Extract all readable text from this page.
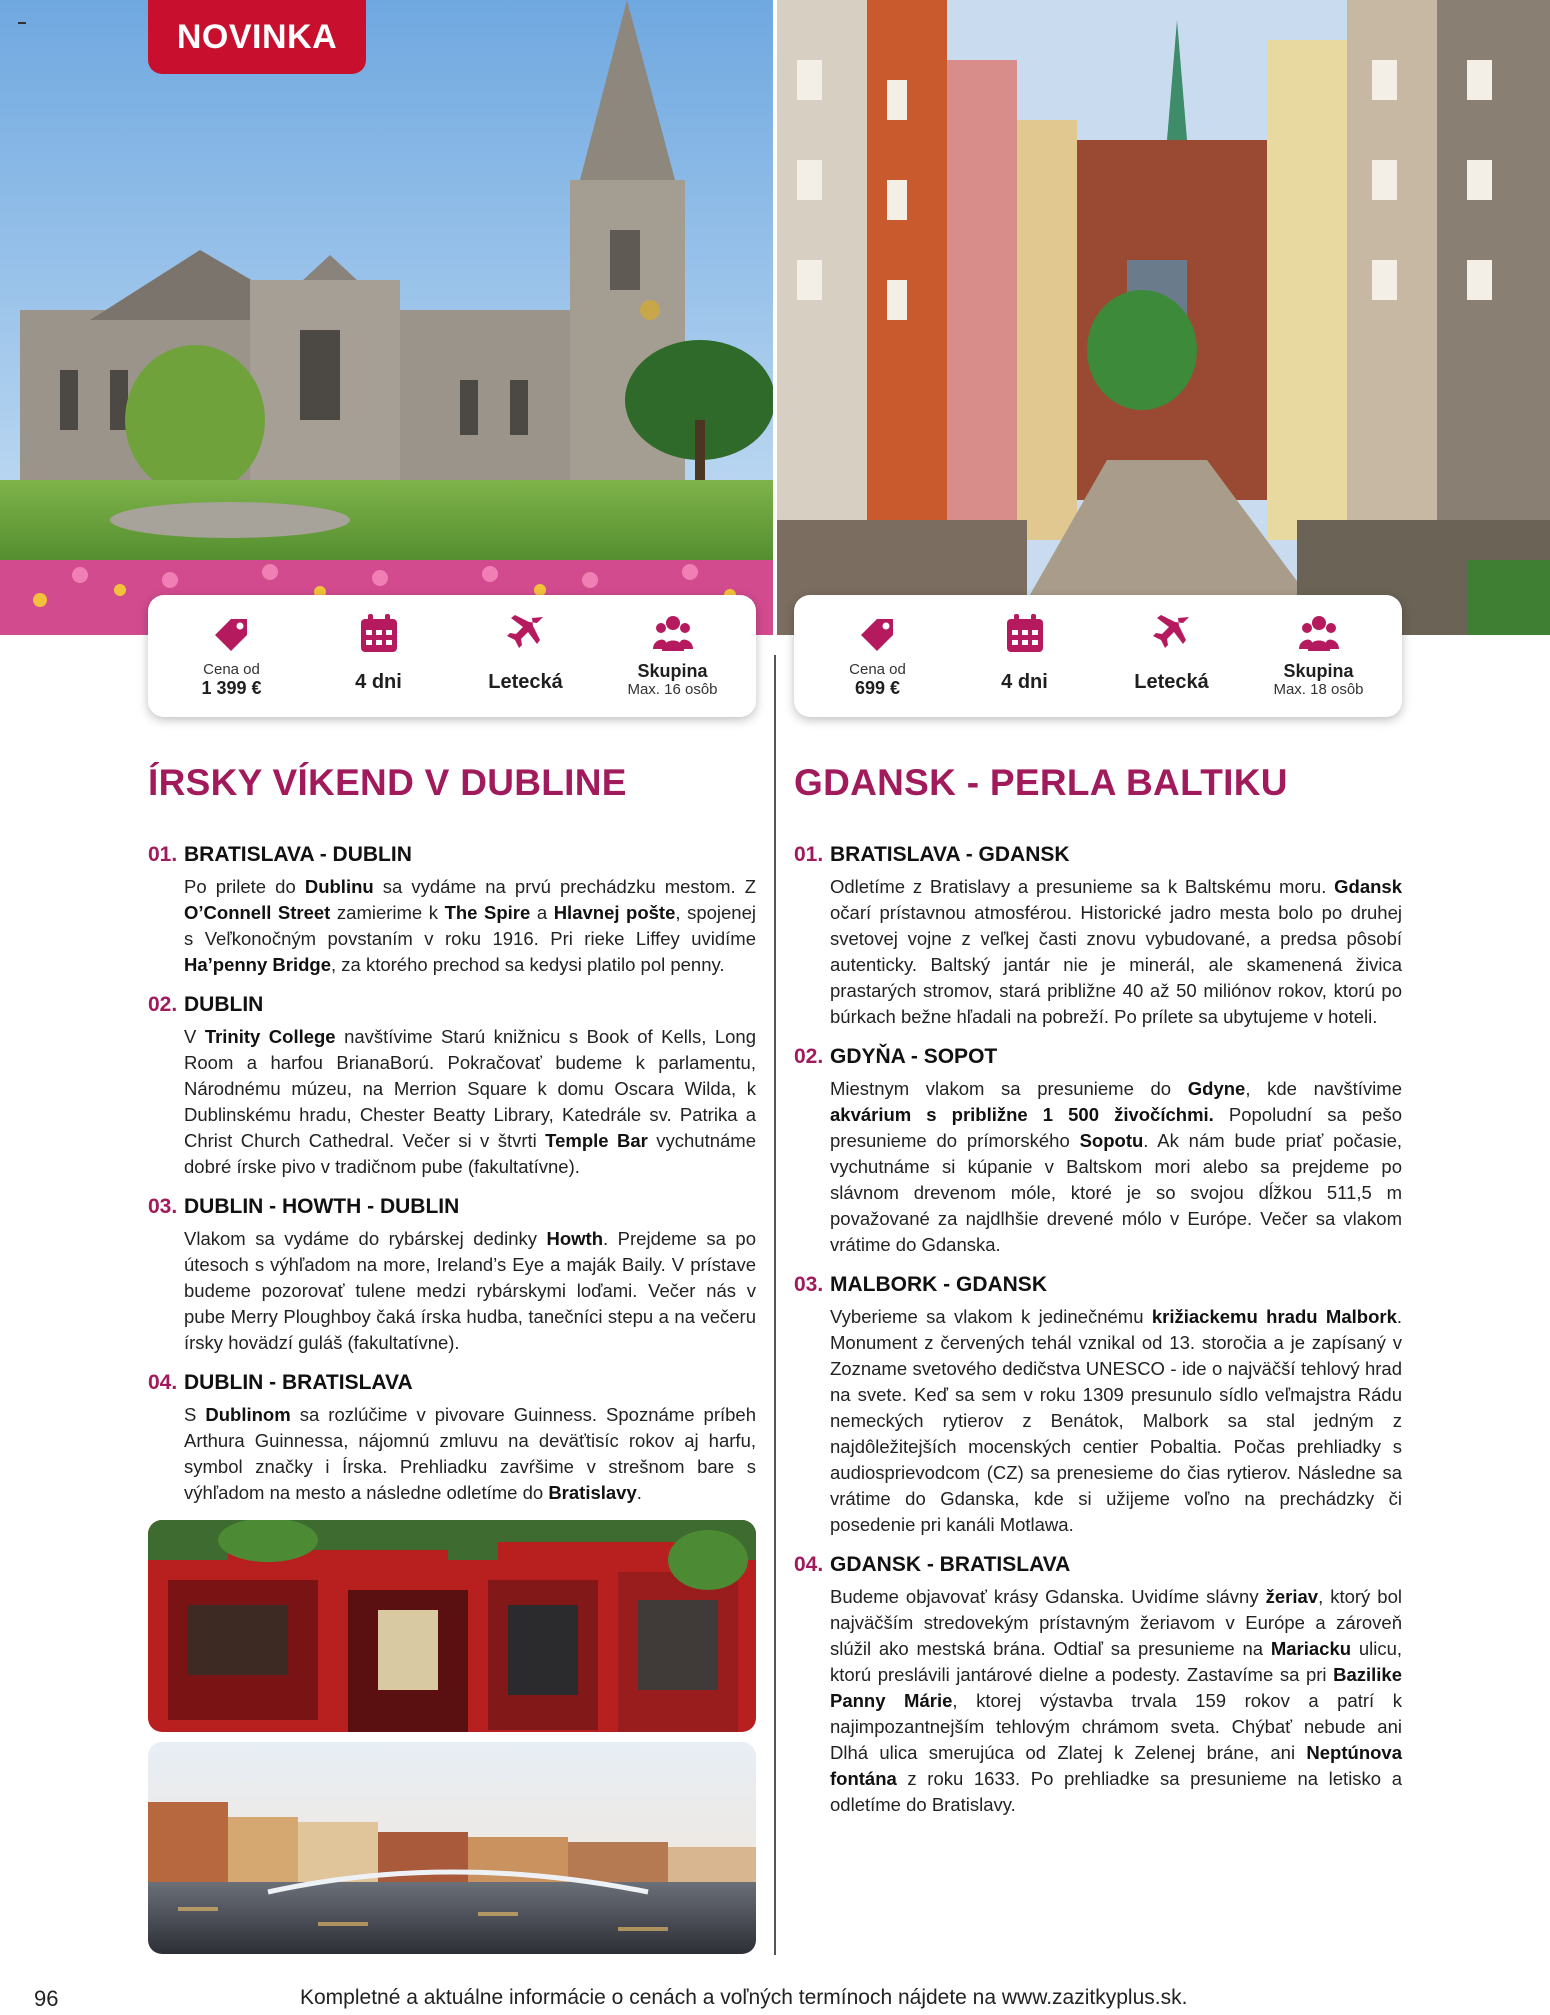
NOVINKA
Cena od
1 399 €	4 dni	Letecká	Skupina
Max. 16 osôb
Cena od
699 €	4 dni	Letecká	Skupina
Max. 18 osôb
ÍRSKY VÍKEND V DUBLINE	GDANSK - PERLA BALTIKU
01. BRATISLAVA - DUBLIN
Po prilete do Dublinu sa vydáme na prvú prechádzku mestom. Z O’Connell Street zamierime k The Spire a Hlavnej pošte, spojenej s Veľkonočným povstaním v roku 1916. Pri rieke Liffey uvidíme Ha’penny Bridge, za ktorého prechod sa kedysi platilo pol penny.
02. DUBLIN
V Trinity College navštívime Starú knižnicu s Book of Kells, Long Room a harfou BrianaBorú. Pokračovať budeme k parlamentu, Národnému múzeu, na Merrion Square k domu Oscara Wilda, k Dublinskému hradu, Chester Beatty Library, Katedrále sv. Patrika a Christ Church Cathedral. Večer si v štvrti Temple Bar vychutnáme dobré írske pivo v tradičnom pube (fakultatívne).
03. DUBLIN - HOWTH - DUBLIN
Vlakom sa vydáme do rybárskej dedinky Howth. Prejdeme sa po útesoch s výhľadom na more, Ireland’s Eye a maják Baily. V prístave budeme pozorovať tulene medzi rybárskymi loďami. Večer nás v pube Merry Ploughboy čaká írska hudba, tanečníci stepu a na večeru írsky hovädzí guláš (fakultatívne).
04. DUBLIN - BRATISLAVA
S Dublinom sa rozlúčime v pivovare Guinness. Spoznáme príbeh Arthura Guinnessa, nájomnú zmluvu na deväťtisíc rokov aj harfu, symbol značky i Írska. Prehliadku zavŕšime v strešnom bare s výhľadom na mesto a následne odletíme do Bratislavy.
01. BRATISLAVA - GDANSK
Odletíme z Bratislavy a presunieme sa k Baltskému moru. Gdansk očarí prístavnou atmosférou. Historické jadro mesta bolo po druhej svetovej vojne z veľkej časti znovu vybudované, a predsa pôsobí autenticky. Baltský jantár nie je minerál, ale skamenená živica prastarých stromov, stará približne 40 až 50 miliónov rokov, ktorú po búrkach bežne hľadali na pobreží. Po prílete sa ubytujeme v hoteli.
02. GDYŇA - SOPOT
Miestnym vlakom sa presunieme do Gdyne, kde navštívime akvárium s približne 1 500 živočíchmi. Popoludní sa pešo presunieme do prímorského Sopotu. Ak nám bude priať počasie, vychutnáme si kúpanie v Baltskom mori alebo sa prejdeme po slávnom drevenom móle, ktoré je so svojou dĺžkou 511,5 m považované za najdlhšie drevené mólo v Európe. Večer sa vlakom vrátime do Gdanska.
03. MALBORK - GDANSK
Vyberieme sa vlakom k jedinečnému križiackemu hradu Malbork. Monument z červených tehál vznikal od 13. storočia a je zapísaný v Zozname svetového dedičstva UNESCO - ide o najväčší tehlový hrad na svete. Keď sa sem v roku 1309 presunulo sídlo veľmajstra Rádu nemeckých rytierov z Benátok, Malbork sa stal jedným z najdôležitejších mocenských centier Pobaltia. Počas prehliadky s audiosprievodcom (CZ) sa prenesieme do čias rytierov. Následne sa vrátime do Gdanska, kde si užijeme voľno na prechádzky či posedenie pri kanáli Motlawa.
04. GDANSK - BRATISLAVA
Budeme objavovať krásy Gdanska. Uvidíme slávny žeriav, ktorý bol najväčším stredovekým prístavným žeriavom v Európe a zároveň slúžil ako mestská brána. Odtiaľ sa presunieme na Mariacku ulicu, ktorú preslávili jantárové dielne a podesty. Zastavíme sa pri Bazilike Panny Márie, ktorej výstavba trvala 159 rokov a patrí k najimpozantnejším tehlovým chrámom sveta. Chýbať nebude ani Dlhá ulica smerujúca od Zlatej k Zelenej bráne, ani Neptúnova fontána z roku 1633. Po prehliadke sa presunieme na letisko a odletíme do Bratislavy.
96	Kompletné a aktuálne informácie o cenách a voľných termínoch nájdete na www.zazitkyplus.sk.
